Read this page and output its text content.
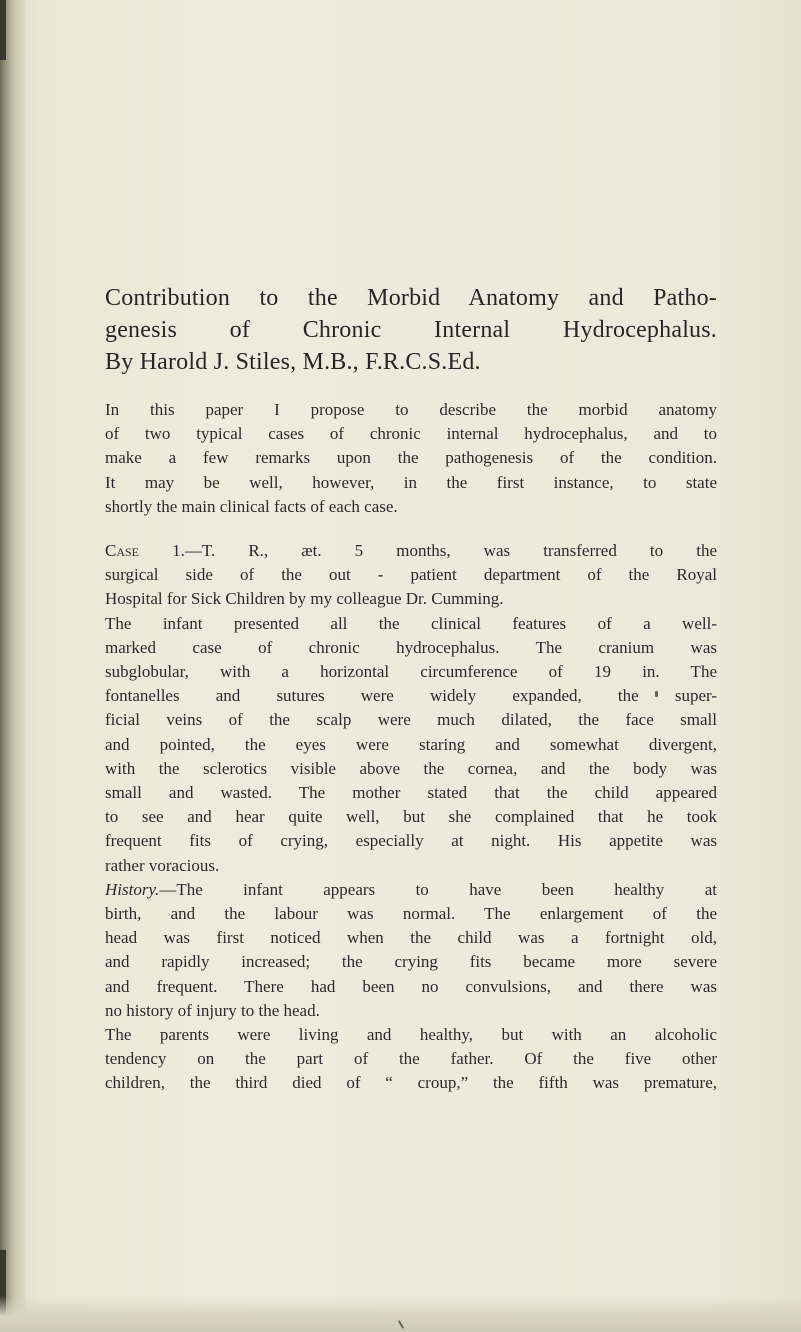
Contribution to the Morbid Anatomy and Patho-
genesis of Chronic Internal Hydrocephalus.
By Harold J. Stiles, M.B., F.R.C.S.Ed.
In this paper I propose to describe the morbid anatomy
of two typical cases of chronic internal hydrocephalus, and to
make a few remarks upon the pathogenesis of the condition.
It may be well, however, in the first instance, to state
shortly the main clinical facts of each case.
Case 1.—T. R., æt. 5 months, was transferred to the
surgical side of the out - patient department of the Royal
Hospital for Sick Children by my colleague Dr. Cumming.
The infant presented all the clinical features of a well-
marked case of chronic hydrocephalus. The cranium was
subglobular, with a horizontal circumference of 19 in. The
fontanelles and sutures were widely expanded, the super-
ficial veins of the scalp were much dilated, the face small
and pointed, the eyes were staring and somewhat divergent,
with the sclerotics visible above the cornea, and the body was
small and wasted. The mother stated that the child appeared
to see and hear quite well, but she complained that he took
frequent fits of crying, especially at night. His appetite was
rather voracious.
History.—The infant appears to have been healthy at
birth, and the labour was normal. The enlargement of the
head was first noticed when the child was a fortnight old,
and rapidly increased; the crying fits became more severe
and frequent. There had been no convulsions, and there was
no history of injury to the head.
The parents were living and healthy, but with an alcoholic
tendency on the part of the father. Of the five other
children, the third died of “ croup,” the fifth was premature,
